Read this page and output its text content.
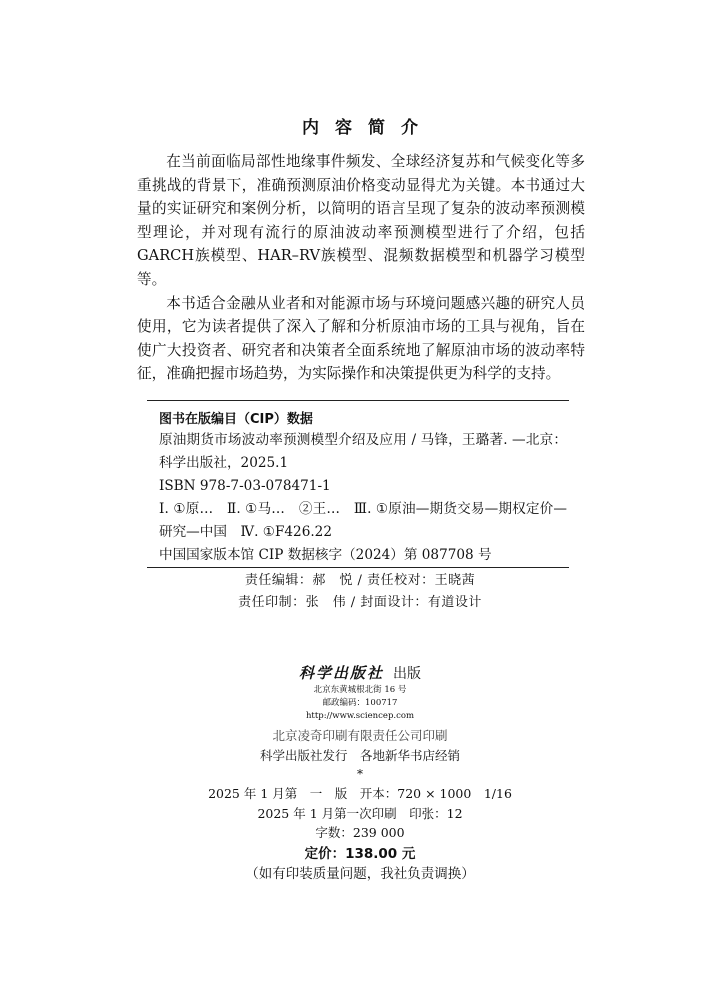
内容简介

在当前面临局部性地缘事件频发、全球经济复苏和气候变化等多重挑战的背景下，准确预测原油价格变动显得尤为关键。本书通过大量的实证研究和案例分析，以简明的语言呈现了复杂的波动率预测模型理论，并对现有流行的原油波动率预测模型进行了介绍，包括GARCH族模型、HAR–RV族模型、混频数据模型和机器学习模型等。

本书适合金融从业者和对能源市场与环境问题感兴趣的研究人员使用，它为读者提供了深入了解和分析原油市场的工具与视角，旨在使广大投资者、研究者和决策者全面系统地了解原油市场的波动率特征，准确把握市场趋势，为实际操作和决策提供更为科学的支持。

图书在版编目（CIP）数据
原油期货市场波动率预测模型介绍及应用 / 马锋，王璐著. —北京：科学出版社，2025.1
ISBN 978-7-03-078471-1
Ⅰ. ①原…　Ⅱ. ①马…　②王…　Ⅲ. ①原油—期货交易—期权定价—研究—中国　Ⅳ. ①F426.22
中国国家版本馆 CIP 数据核字（2024）第 087708 号
责任编辑：郝　悦 / 责任校对：王晓茜
责任印制：张　伟 / 封面设计：有道设计
科学出版社 出版
北京东黄城根北街 16 号
邮政编码：100717
http://www.sciencep.com
北京凌奇印刷有限责任公司印刷
科学出版社发行　各地新华书店经销
*
2025 年 1 月第　一　版　开本：720 × 1000　1/16
2025 年 1 月第一次印刷　印张：12
字数：239 000
定价：138.00 元
（如有印装质量问题，我社负责调换）
